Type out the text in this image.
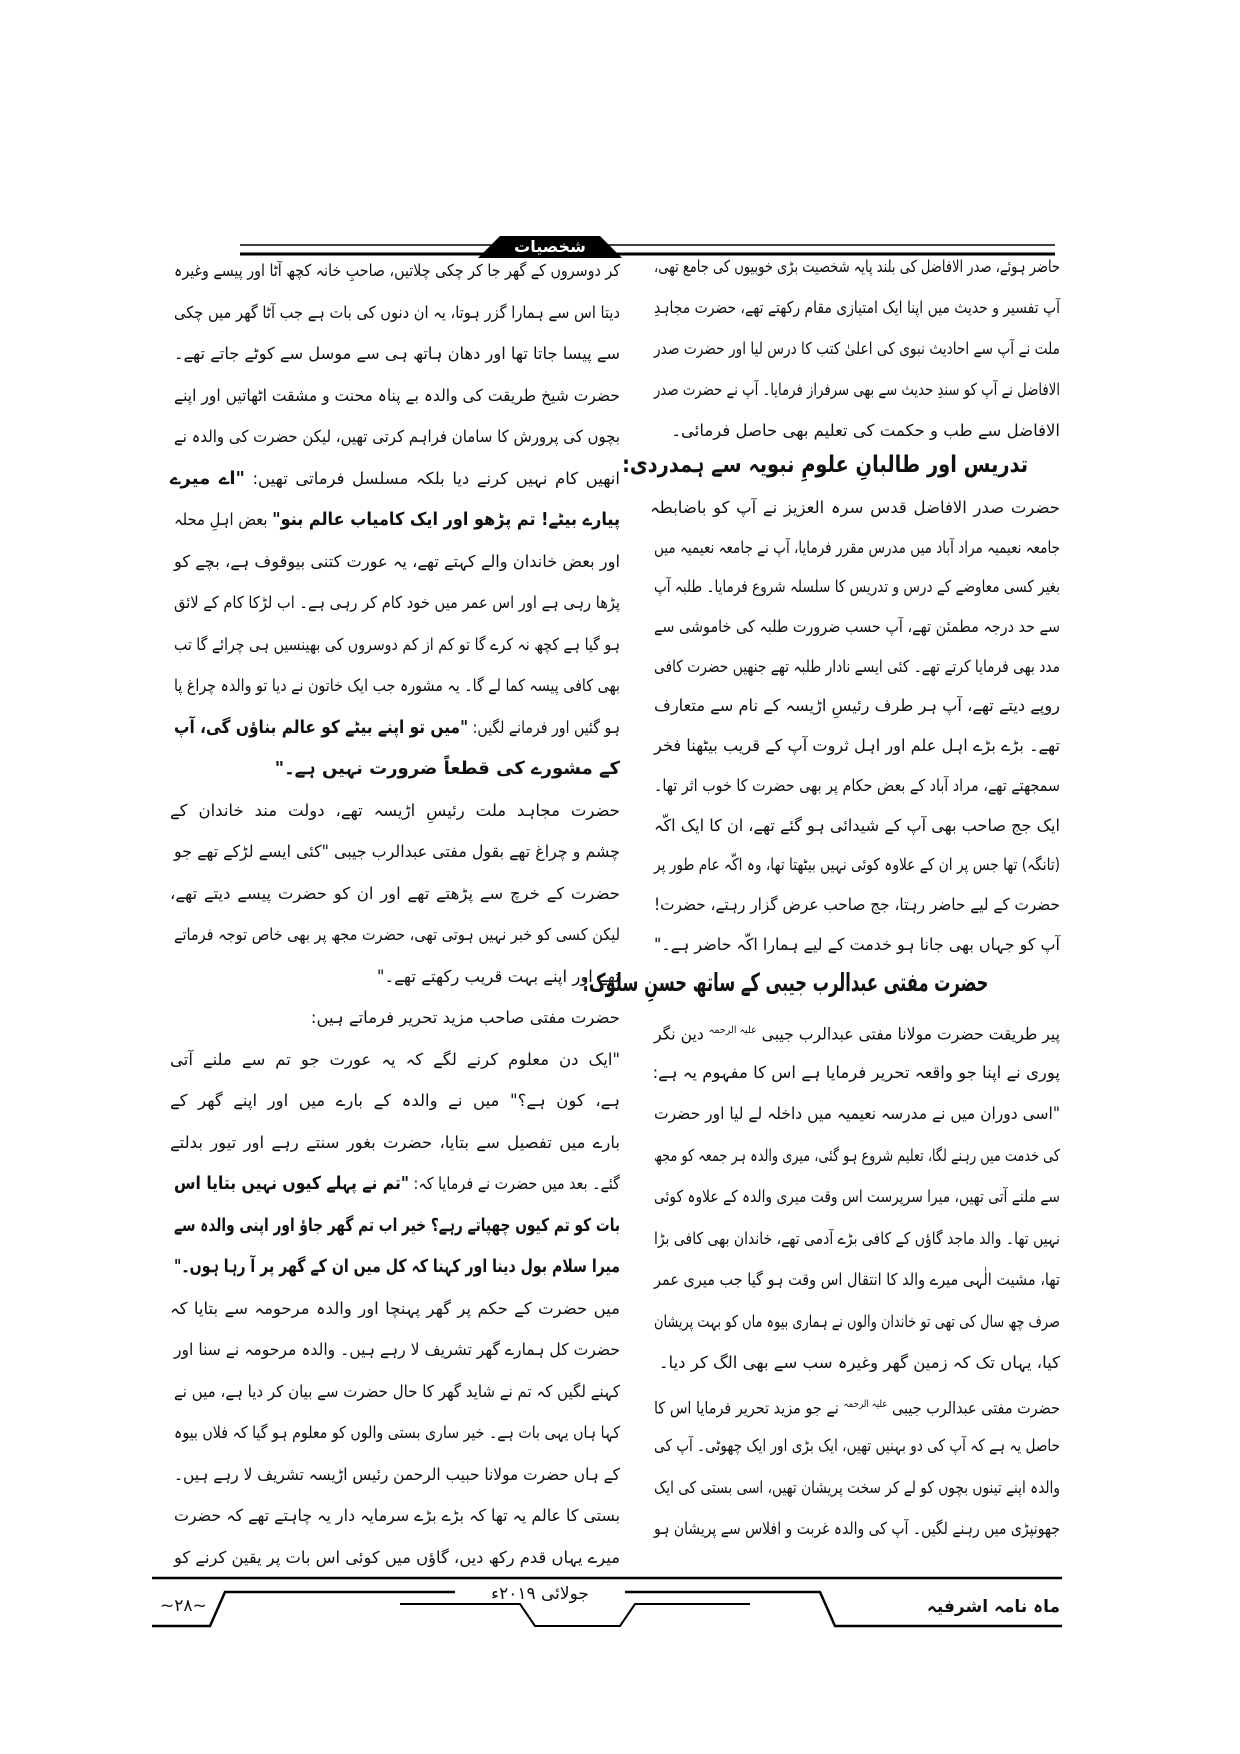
شخصیات
حاضر ہوئے، صدر الافاضل کی بلند پایہ شخصیت بڑی خوبیوں کی جامع تھی،
آپ تفسیر و حدیث میں اپنا ایک امتیازی مقام رکھتے تھے، حضرت مجاہدِ
ملت نے آپ سے احادیث نبوی کی اعلیٰ کتب کا درس لیا اور حضرت صدر
الافاضل نے آپ کو سندِ حدیث سے بھی سرفراز فرمایا۔ آپ نے حضرت صدر
الافاضل سے طب و حکمت کی تعلیم بھی حاصل فرمائی۔
تدریس اور طالبانِ علومِ نبویہ سے ہمدردی:
حضرت صدر الافاضل قدس سرہ العزیز نے آپ کو باضابطہ
جامعہ نعیمیہ مراد آباد میں مدرس مقرر فرمایا، آپ نے جامعہ نعیمیہ میں
بغیر کسی معاوضے کے درس و تدریس کا سلسلہ شروع فرمایا۔ طلبہ آپ
سے حد درجہ مطمئن تھے، آپ حسب ضرورت طلبہ کی خاموشی سے
مدد بھی فرمایا کرتے تھے۔ کئی ایسے نادار طلبہ تھے جنھیں حضرت کافی
روپے دیتے تھے، آپ ہر طرف رئیسِ اڑیسہ کے نام سے متعارف
تھے۔ بڑے بڑے اہل علم اور اہل ثروت آپ کے قریب بیٹھنا فخر
سمجھتے تھے، مراد آباد کے بعض حکام پر بھی حضرت کا خوب اثر تھا۔
ایک جج صاحب بھی آپ کے شیدائی ہو گئے تھے، ان کا ایک اکّہ
(تانگہ) تھا جس پر ان کے علاوہ کوئی نہیں بیٹھتا تھا، وہ اکّہ عام طور پر
حضرت کے لیے حاضر رہتا، جج صاحب عرض گزار رہتے، حضرت!
آپ کو جہاں بھی جانا ہو خدمت کے لیے ہمارا اکّہ حاضر ہے۔"
حضرت مفتی عبدالرب جیبی کے ساتھ حسنِ سلوک:
پیر طریقت حضرت مولانا مفتی عبدالرب جیبی $^{علیہ الرحمہ}$ دین نگر
پوری نے اپنا جو واقعہ تحریر فرمایا ہے اس کا مفہوم یہ ہے:
"اسی دوران میں نے مدرسہ نعیمیہ میں داخلہ لے لیا اور حضرت
کی خدمت میں رہنے لگا، تعلیم شروع ہو گئی، میری والدہ ہر جمعہ کو مجھ
سے ملنے آتی تھیں، میرا سرپرست اس وقت میری والدہ کے علاوہ کوئی
نہیں تھا۔ والد ماجد گاؤں کے کافی بڑے آدمی تھے، خاندان بھی کافی بڑا
تھا، مشیت الٰہی میرے والد کا انتقال اس وقت ہو گیا جب میری عمر
صرف چھ سال کی تھی تو خاندان والوں نے ہماری بیوہ ماں کو بہت پریشان
کیا، یہاں تک کہ زمین گھر وغیرہ سب سے بھی الگ کر دیا۔
حضرت مفتی عبدالرب جیبی $^{علیہ الرحمہ}$ نے جو مزید تحریر فرمایا اس کا
حاصل یہ ہے کہ آپ کی دو بہنیں تھیں، ایک بڑی اور ایک چھوٹی۔ آپ کی
والدہ اپنے تینوں بچوں کو لے کر سخت پریشان تھیں، اسی بستی کی ایک
جھونپڑی میں رہنے لگیں۔ آپ کی والدہ غربت و افلاس سے پریشان ہو
کر دوسروں کے گھر جا کر چکی چلاتیں، صاحبِ خانہ کچھ آٹا اور پیسے وغیرہ
دیتا اس سے ہمارا گزر ہوتا، یہ ان دنوں کی بات ہے جب آٹا گھر میں چکی
سے پیسا جاتا تھا اور دھان ہاتھ ہی سے موسل سے کوٹے جاتے تھے۔
حضرت شیخ طریقت کی والدہ بے پناہ محنت و مشقت اٹھاتیں اور اپنے
بچوں کی پرورش کا سامان فراہم کرتی تھیں، لیکن حضرت کی والدہ نے
انھیں کام نہیں کرنے دیا بلکہ مسلسل فرماتی تھیں: "اے میرے
پیارے بیٹے! تم پڑھو اور ایک کامیاب عالم بنو" بعض اہلِ محلہ
اور بعض خاندان والے کہتے تھے، یہ عورت کتنی بیوقوف ہے، بچے کو
پڑھا رہی ہے اور اس عمر میں خود کام کر رہی ہے۔ اب لڑکا کام کے لائق
ہو گیا ہے کچھ نہ کرے گا تو کم از کم دوسروں کی بھینسیں ہی چرائے گا تب
بھی کافی پیسہ کما لے گا۔ یہ مشورہ جب ایک خاتون نے دیا تو والدہ چراغ پا
ہو گئیں اور فرمانے لگیں: "میں تو اپنے بیٹے کو عالم بناؤں گی، آپ
کے مشورے کی قطعاً ضرورت نہیں ہے۔"
حضرت مجاہد ملت رئیسِ اڑیسہ تھے، دولت مند خاندان کے
چشم و چراغ تھے بقول مفتی عبدالرب جیبی "کئی ایسے لڑکے تھے جو
حضرت کے خرچ سے پڑھتے تھے اور ان کو حضرت پیسے دیتے تھے،
لیکن کسی کو خبر نہیں ہوتی تھی، حضرت مجھ پر بھی خاص توجہ فرماتے
تھے اور اپنے بہت قریب رکھتے تھے۔"
حضرت مفتی صاحب مزید تحریر فرماتے ہیں:
"ایک دن معلوم کرنے لگے کہ یہ عورت جو تم سے ملنے آتی
ہے، کون ہے؟" میں نے والدہ کے بارے میں اور اپنے گھر کے
بارے میں تفصیل سے بتایا، حضرت بغور سنتے رہے اور تیور بدلتے
گئے۔ بعد میں حضرت نے فرمایا کہ: "تم نے پہلے کیوں نہیں بتایا اس
بات کو تم کیوں چھپاتے رہے؟ خیر اب تم گھر جاؤ اور اپنی والدہ سے
میرا سلام بول دینا اور کہنا کہ کل میں ان کے گھر پر آ رہا ہوں۔"
میں حضرت کے حکم پر گھر پہنچا اور والدہ مرحومہ سے بتایا کہ
حضرت کل ہمارے گھر تشریف لا رہے ہیں۔ والدہ مرحومہ نے سنا اور
کہنے لگیں کہ تم نے شاید گھر کا حال حضرت سے بیان کر دیا ہے، میں نے
کہا ہاں یہی بات ہے۔ خیر ساری بستی والوں کو معلوم ہو گیا کہ فلاں بیوہ
کے ہاں حضرت مولانا حبیب الرحمن رئیس اڑیسہ تشریف لا رہے ہیں۔
بستی کا عالم یہ تھا کہ بڑے بڑے سرمایہ دار یہ چاہتے تھے کہ حضرت
میرے یہاں قدم رکھ دیں، گاؤں میں کوئی اس بات پر یقین کرنے کو
ماہ نامہ اشرفیہ
جولائی ۲۰۱۹ء
~۲۸~
